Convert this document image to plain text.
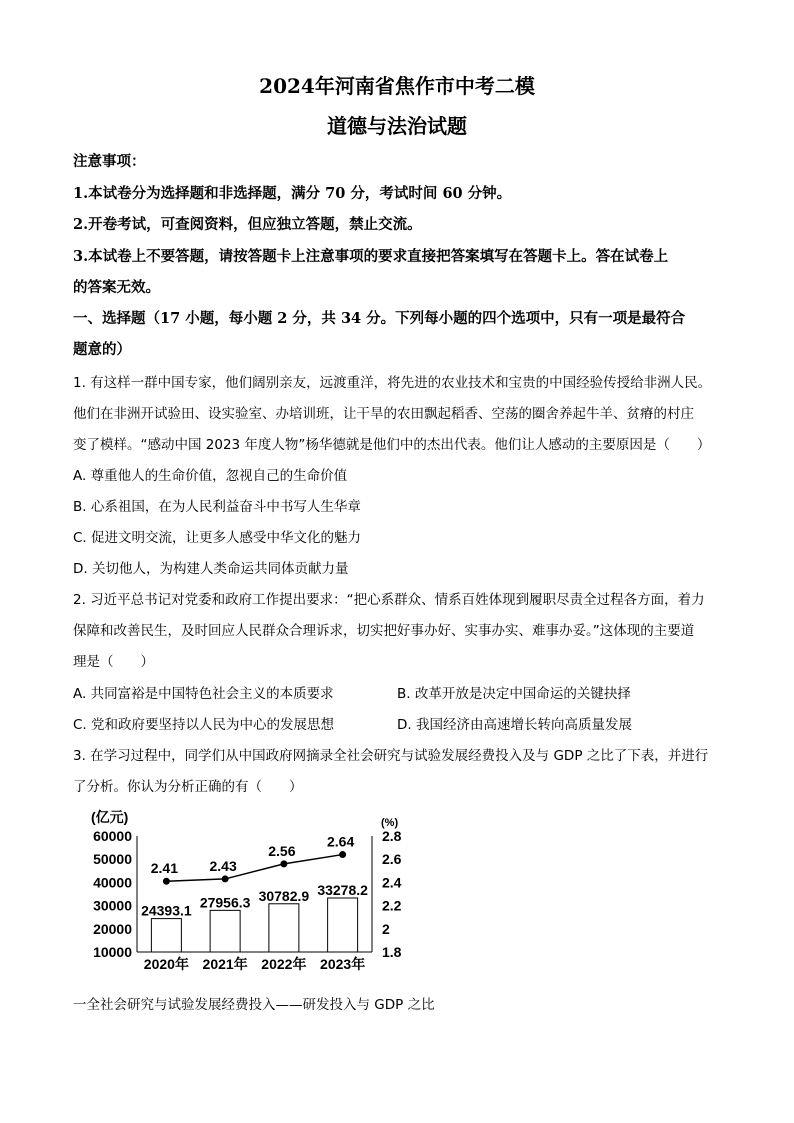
2024年河南省焦作市中考二模
道德与法治试题
注意事项：
1.本试卷分为选择题和非选择题，满分 70 分，考试时间 60 分钟。
2.开卷考试，可查阅资料，但应独立答题，禁止交流。
3.本试卷上不要答题，请按答题卡上注意事项的要求直接把答案填写在答题卡上。答在试卷上
的答案无效。
一、选择题（17 小题，每小题 2 分，共 34 分。下列每小题的四个选项中，只有一项是最符合
题意的）
1. 有这样一群中国专家，他们阔别亲友，远渡重洋，将先进的农业技术和宝贵的中国经验传授给非洲人民。
他们在非洲开试验田、设实验室、办培训班，让干旱的农田飘起稻香、空荡的圈舍养起牛羊、贫瘠的村庄
变了模样。“感动中国 2023 年度人物”杨华德就是他们中的杰出代表。他们让人感动的主要原因是（　　）
A. 尊重他人的生命价值，忽视自己的生命价值
B. 心系祖国，在为人民利益奋斗中书写人生华章
C. 促进文明交流，让更多人感受中华文化的魅力
D. 关切他人，为构建人类命运共同体贡献力量
2. 习近平总书记对党委和政府工作提出要求：“把心系群众、情系百姓体现到履职尽责全过程各方面，着力
保障和改善民生，及时回应人民群众合理诉求，切实把好事办好、实事办实、难事办妥。”这体现的主要道
理是（　　）
A. 共同富裕是中国特色社会主义的本质要求	B. 改革开放是决定中国命运的关键抉择
C. 党和政府要坚持以人民为中心的发展思想	D. 我国经济由高速增长转向高质量发展
3. 在学习过程中，同学们从中国政府网摘录全社会研究与试验发展经费投入及与 GDP 之比了下表，并进行
了分析。你认为分析正确的有（　　）
(亿元)	(%)
60000
50000
40000
30000
20000
10000
2.8
2.6
2.4
2.2
2
1.8
24393.1
2020年
27956.3
2021年
30782.9
2022年
33278.2
2023年
2.41 2.43
2.56
2.64
一全社会研究与试验发展经费投入——研发投入与 GDP 之比
